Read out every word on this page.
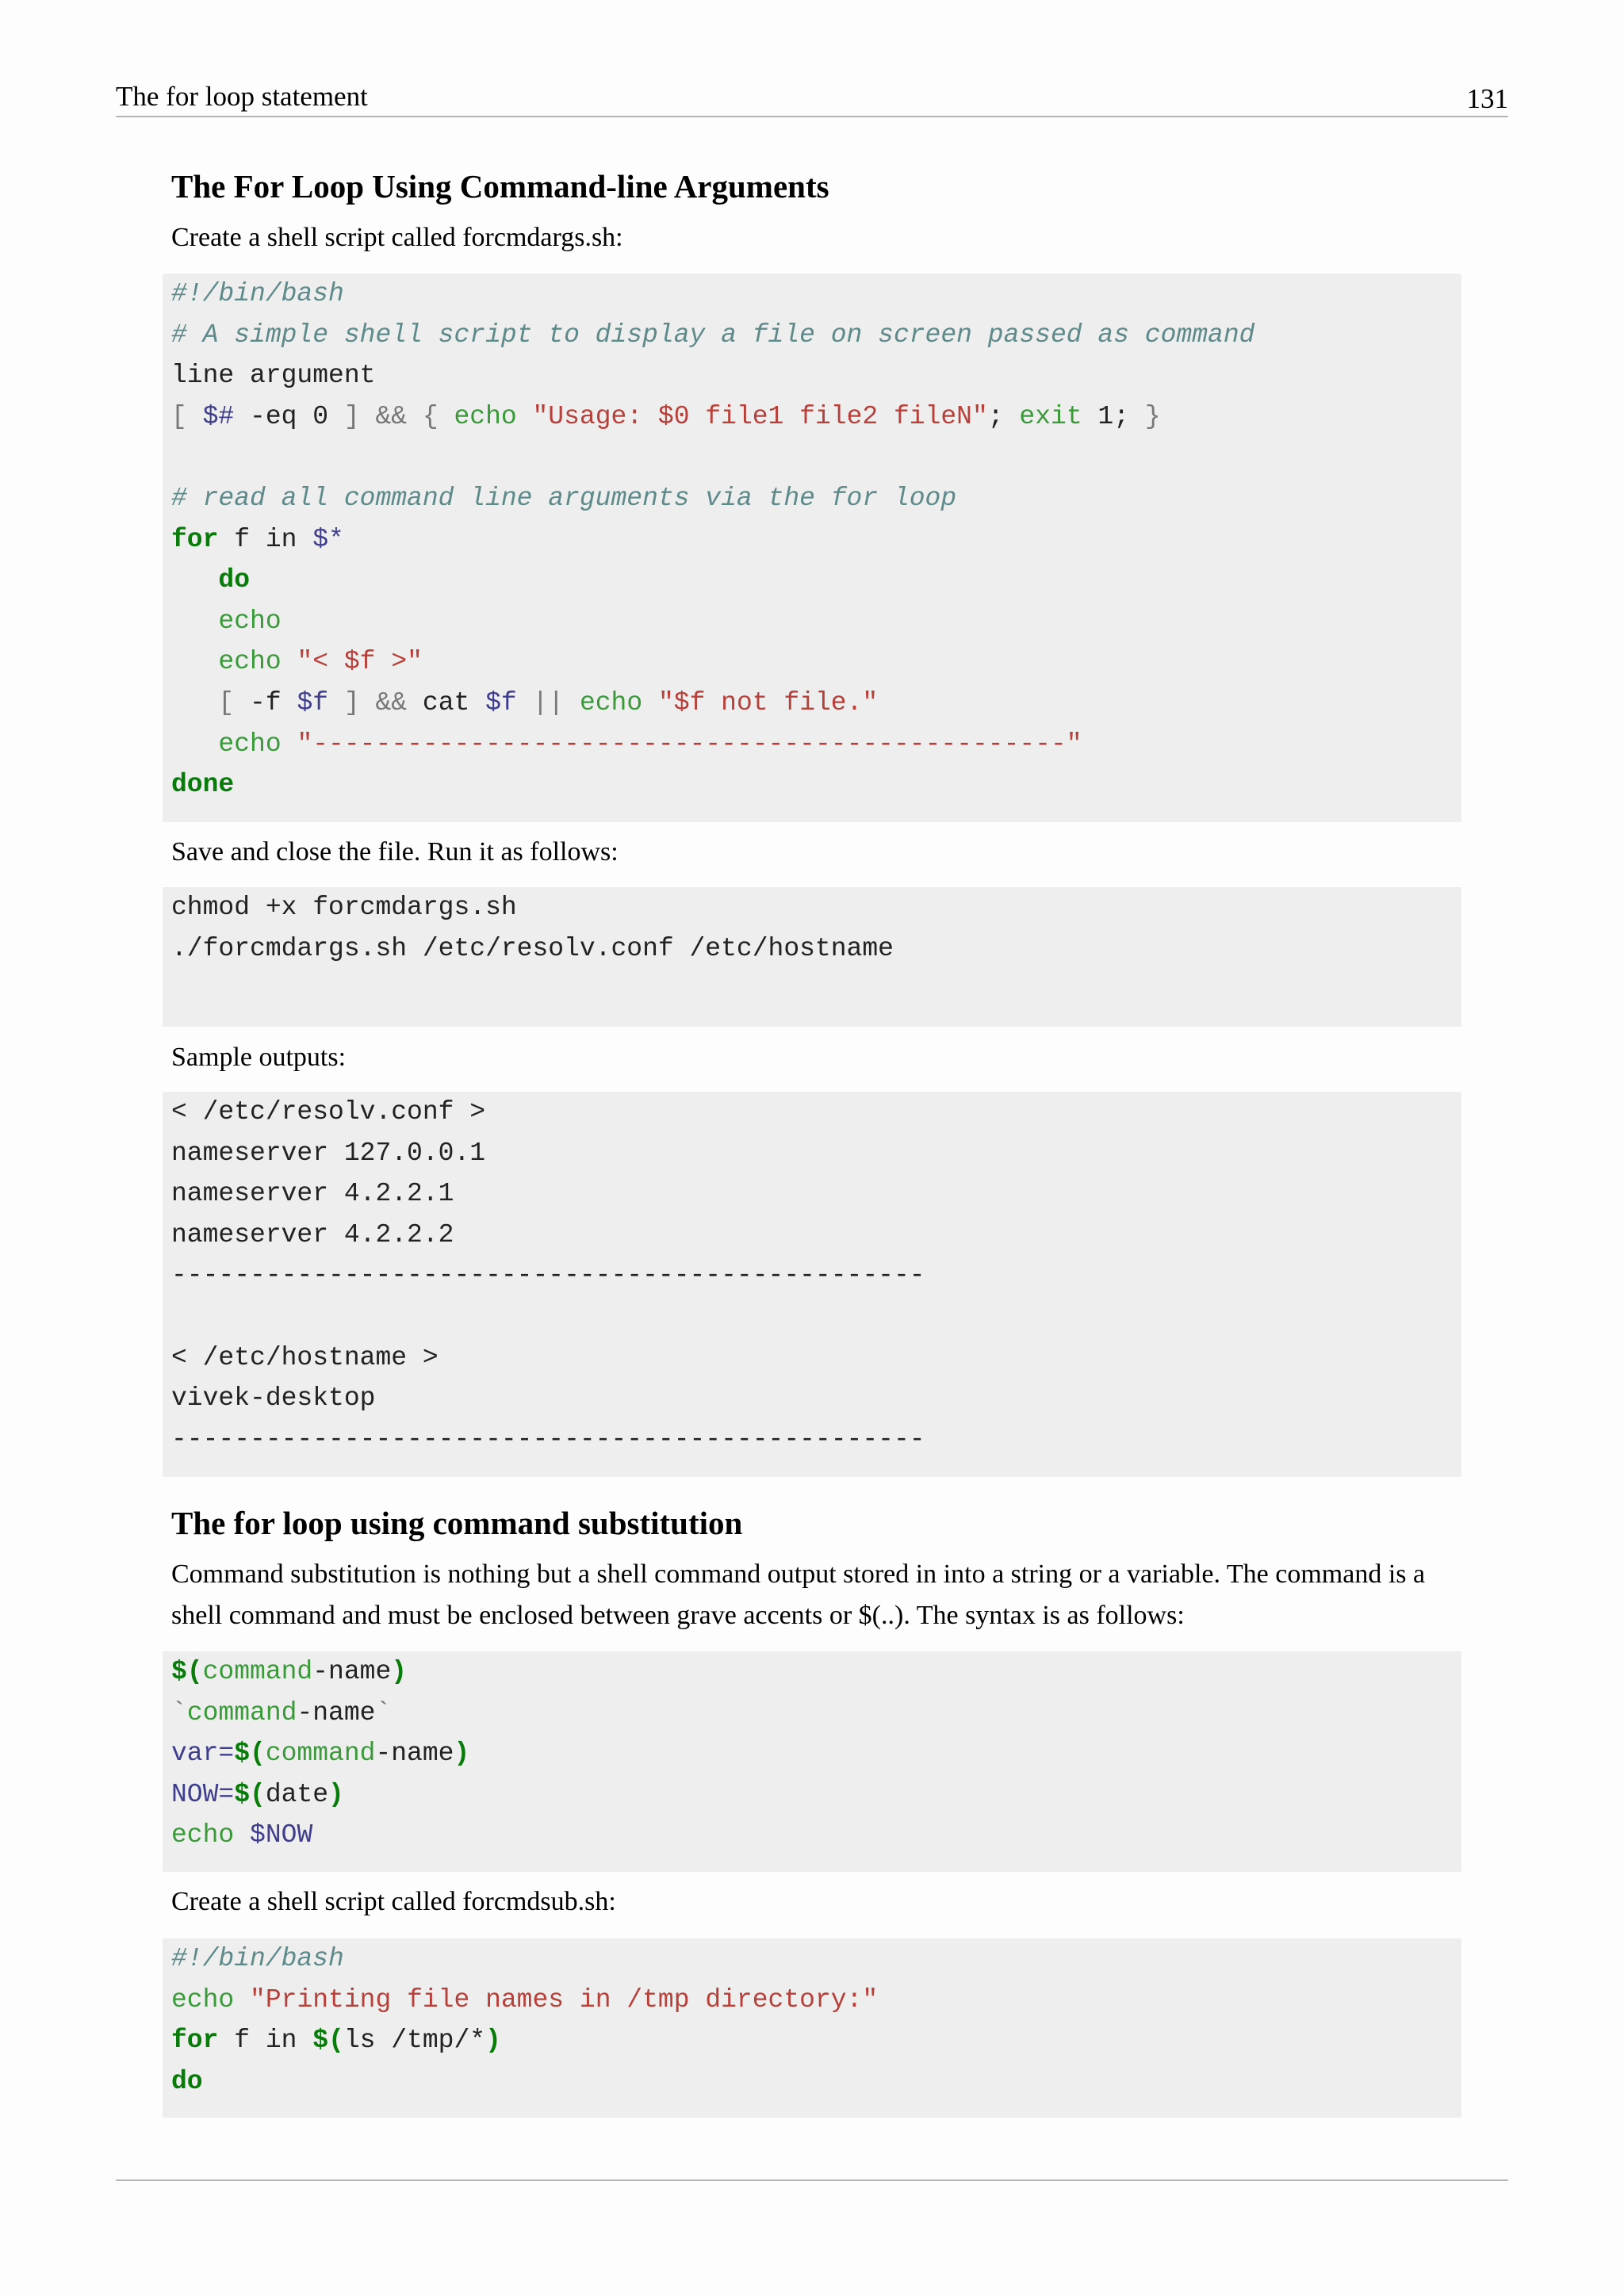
The for loop statement	131
The For Loop Using Command-line Arguments

Create a shell script called forcmdargs.sh:

#!/bin/bash
# A simple shell script to display a file on screen passed as command
line argument
[ $# -eq 0 ] && { echo "Usage: $0 file1 file2 fileN"; exit 1; }
# read all command line arguments via the for loop
for f in $*
do
echo
echo "< $f >"
[ -f $f ] && cat $f || echo "$f not file."
echo "------------------------------------------------"
done

Save and close the file. Run it as follows:

chmod +x forcmdargs.sh
./forcmdargs.sh /etc/resolv.conf /etc/hostname

Sample outputs:

< /etc/resolv.conf >
nameserver 127.0.0.1
nameserver 4.2.2.1
nameserver 4.2.2.2
------------------------------------------------
< /etc/hostname >
vivek-desktop
------------------------------------------------
The for loop using command substitution

Command substitution is nothing but a shell command output stored in into a string or a variable. The command is a shell command and must be enclosed between grave accents or $(..). The syntax is as follows:

$(command-name)
`command-name`
var=$(command-name)
NOW=$(date)
echo $NOW

Create a shell script called forcmdsub.sh:

#!/bin/bash
echo "Printing file names in /tmp directory:"
for f in $(ls /tmp/*)
do
